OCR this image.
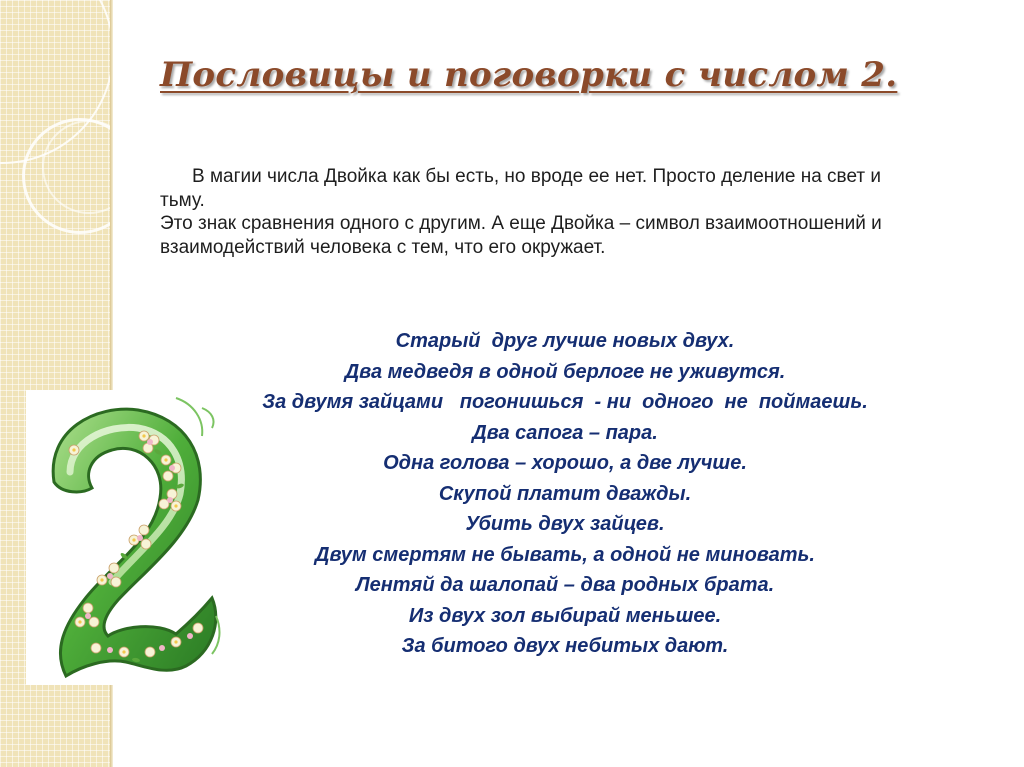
Пословицы и поговорки с числом 2.

В магии числа Двойка как бы есть, но вроде ее нет. Просто деление на свет и тьму.

Это знак сравнения одного с другим. А еще Двойка – символ взаимоотношений и взаимодействий человека с тем, что его окружает.

Старый  друг лучше новых двух.
Два медведя в одной берлоге не уживутся.
За двумя зайцами   погонишься  - ни  одного  не  поймаешь.
Два сапога – пара.
Одна голова – хорошо, а две лучше.
Скупой платит дважды.
Убить двух зайцев.
Двум смертям не бывать, а одной не миновать.
Лентяй да шалопай – два родных брата.
Из двух зол выбирай меньшее.
За битого двух небитых дают.
